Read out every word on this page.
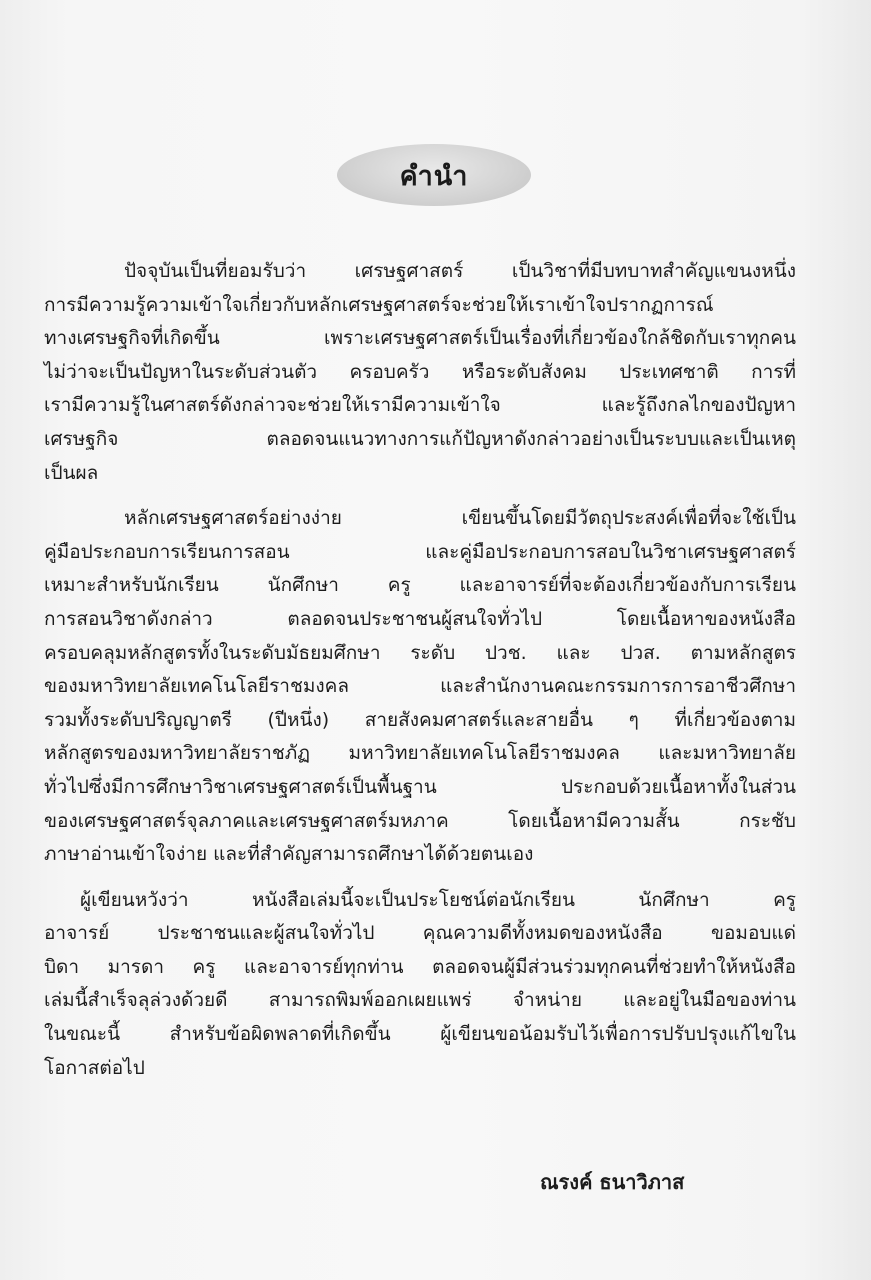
คำนำ
ปัจจุบันเป็นที่ยอมรับว่า เศรษฐศาสตร์ เป็นวิชาที่มีบทบาทสำคัญแขนงหนึ่ง
การมีความรู้ความเข้าใจเกี่ยวกับหลักเศรษฐศาสตร์จะช่วยให้เราเข้าใจปรากฏการณ์
ทางเศรษฐกิจที่เกิดขึ้น เพราะเศรษฐศาสตร์เป็นเรื่องที่เกี่ยวข้องใกล้ชิดกับเราทุกคน
ไม่ว่าจะเป็นปัญหาในระดับส่วนตัว ครอบครัว หรือระดับสังคม ประเทศชาติ การที่
เรามีความรู้ในศาสตร์ดังกล่าวจะช่วยให้เรามีความเข้าใจ และรู้ถึงกลไกของปัญหา
เศรษฐกิจ ตลอดจนแนวทางการแก้ปัญหาดังกล่าวอย่างเป็นระบบและเป็นเหตุ
เป็นผล
หลักเศรษฐศาสตร์อย่างง่าย เขียนขึ้นโดยมีวัตถุประสงค์เพื่อที่จะใช้เป็น
คู่มือประกอบการเรียนการสอน และคู่มือประกอบการสอบในวิชาเศรษฐศาสตร์
เหมาะสำหรับนักเรียน นักศึกษา ครู และอาจารย์ที่จะต้องเกี่ยวข้องกับการเรียน
การสอนวิชาดังกล่าว ตลอดจนประชาชนผู้สนใจทั่วไป โดยเนื้อหาของหนังสือ
ครอบคลุมหลักสูตรทั้งในระดับมัธยมศึกษา ระดับ ปวช. และ ปวส. ตามหลักสูตร
ของมหาวิทยาลัยเทคโนโลยีราชมงคล และสำนักงานคณะกรรมการการอาชีวศึกษา
รวมทั้งระดับปริญญาตรี (ปีหนึ่ง) สายสังคมศาสตร์และสายอื่น ๆ ที่เกี่ยวข้องตาม
หลักสูตรของมหาวิทยาลัยราชภัฏ มหาวิทยาลัยเทคโนโลยีราชมงคล และมหาวิทยาลัย
ทั่วไปซึ่งมีการศึกษาวิชาเศรษฐศาสตร์เป็นพื้นฐาน ประกอบด้วยเนื้อหาทั้งในส่วน
ของเศรษฐศาสตร์จุลภาคและเศรษฐศาสตร์มหภาค โดยเนื้อหามีความสั้น กระชับ
ภาษาอ่านเข้าใจง่าย และที่สำคัญสามารถศึกษาได้ด้วยตนเอง
ผู้เขียนหวังว่า หนังสือเล่มนี้จะเป็นประโยชน์ต่อนักเรียน นักศึกษา ครู
อาจารย์ ประชาชนและผู้สนใจทั่วไป คุณความดีทั้งหมดของหนังสือ ขอมอบแด่
บิดา มารดา ครู และอาจารย์ทุกท่าน ตลอดจนผู้มีส่วนร่วมทุกคนที่ช่วยทำให้หนังสือ
เล่มนี้สำเร็จลุล่วงด้วยดี สามารถพิมพ์ออกเผยแพร่ จำหน่าย และอยู่ในมือของท่าน
ในขณะนี้ สำหรับข้อผิดพลาดที่เกิดขึ้น ผู้เขียนขอน้อมรับไว้เพื่อการปรับปรุงแก้ไขใน
โอกาสต่อไป
ณรงค์ ธนาวิภาส
